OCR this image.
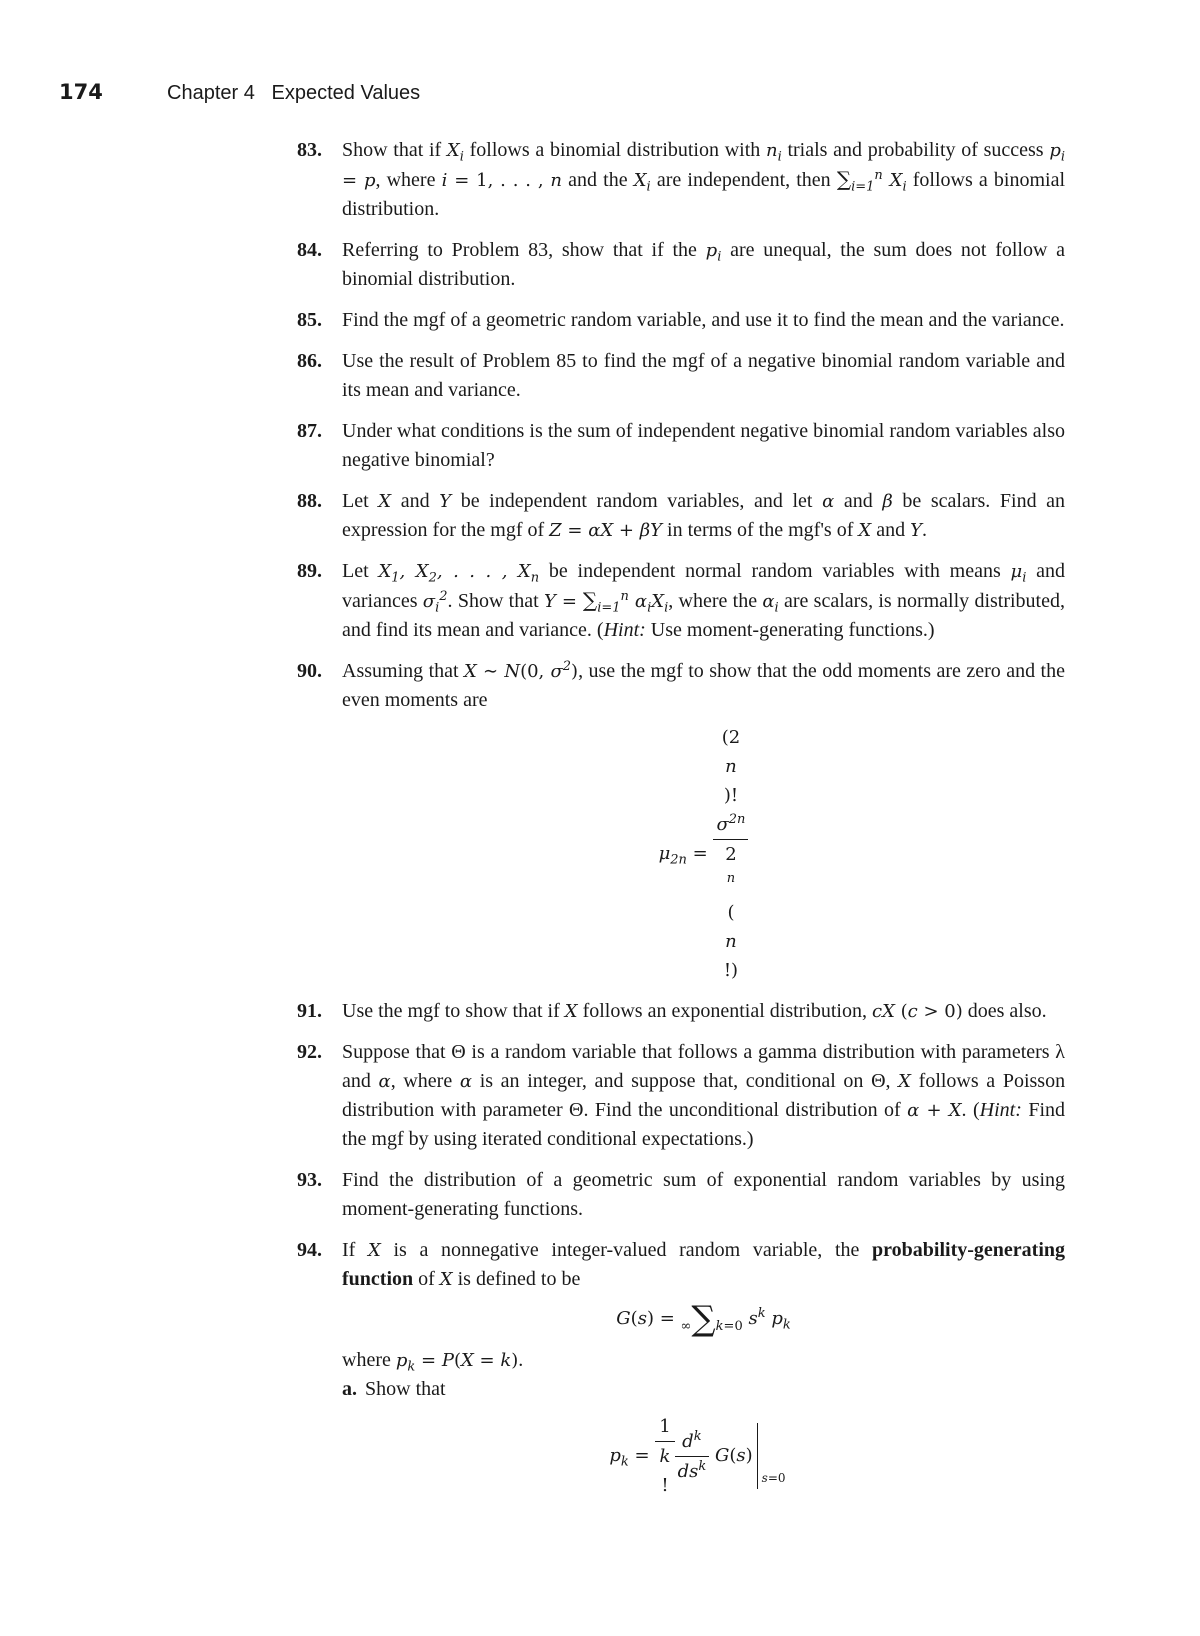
174	Chapter 4 Expected Values
83. Show that if $X_i$ follows a binomial distribution with $n_i$ trials and probability of success $p_i = p$, where i = 1, . . . , n and the $X_i$ are independent, then $\sum_{i=1}^n$ $X_i$ follows a binomial distribution.

84. Referring to Problem 83, show that if the $p_i$ are unequal, the sum does not follow a binomial distribution.

85. Find the mgf of a geometric random variable, and use it to find the mean and the variance.

86. Use the result of Problem 85 to find the mgf of a negative binomial random variable and its mean and variance.

87. Under what conditions is the sum of independent negative binomial random variables also negative binomial?

88. Let X and Y be independent random variables, and let α and β be scalars. Find an expression for the mgf of Z = αX + βY in terms of the mgf's of X and Y.

89. Let $X_1$, $X_2$, . . . , $X_n$ be independent normal random variables with means $\mu_i$ and variances $\sigma_i^2$. Show that $Y = \sum_{i=1}^n$ $\alpha_iX_i$, where the $\alpha_i$ are scalars, is normally distributed, and find its mean and variance. (Hint: Use moment-generating functions.)

90. Assuming that X ∼ N(0, $\sigma^2$), use the mgf to show that the odd moments are zero and the even moments are

$\mu_{2n} = (2$
n
)!
$\sigma^{2n}$
2
$^n$
(
n
!)
91. Use the mgf to show that if X follows an exponential distribution, cX (c > 0) does also.

92. Suppose that Θ is a random variable that follows a gamma distribution with parameters λ and α, where α is an integer, and suppose that, conditional on Θ, X follows a Poisson distribution with parameter Θ. Find the unconditional distribution of α + X. (Hint: Find the mgf by using iterated conditional expectations.)

93. Find the distribution of a geometric sum of exponential random variables by using moment-generating functions.

94. If X is a nonnegative integer-valued random variable, the probability-generating function of X is defined to be

G(s) = ∞∑k=0 $s^k$ $p_k$

where $p_k = P(X = k)$.

a. Show that

$p_k = 1$
k
! $\frac{d^k}{ds^k} G(s)$
s=0
